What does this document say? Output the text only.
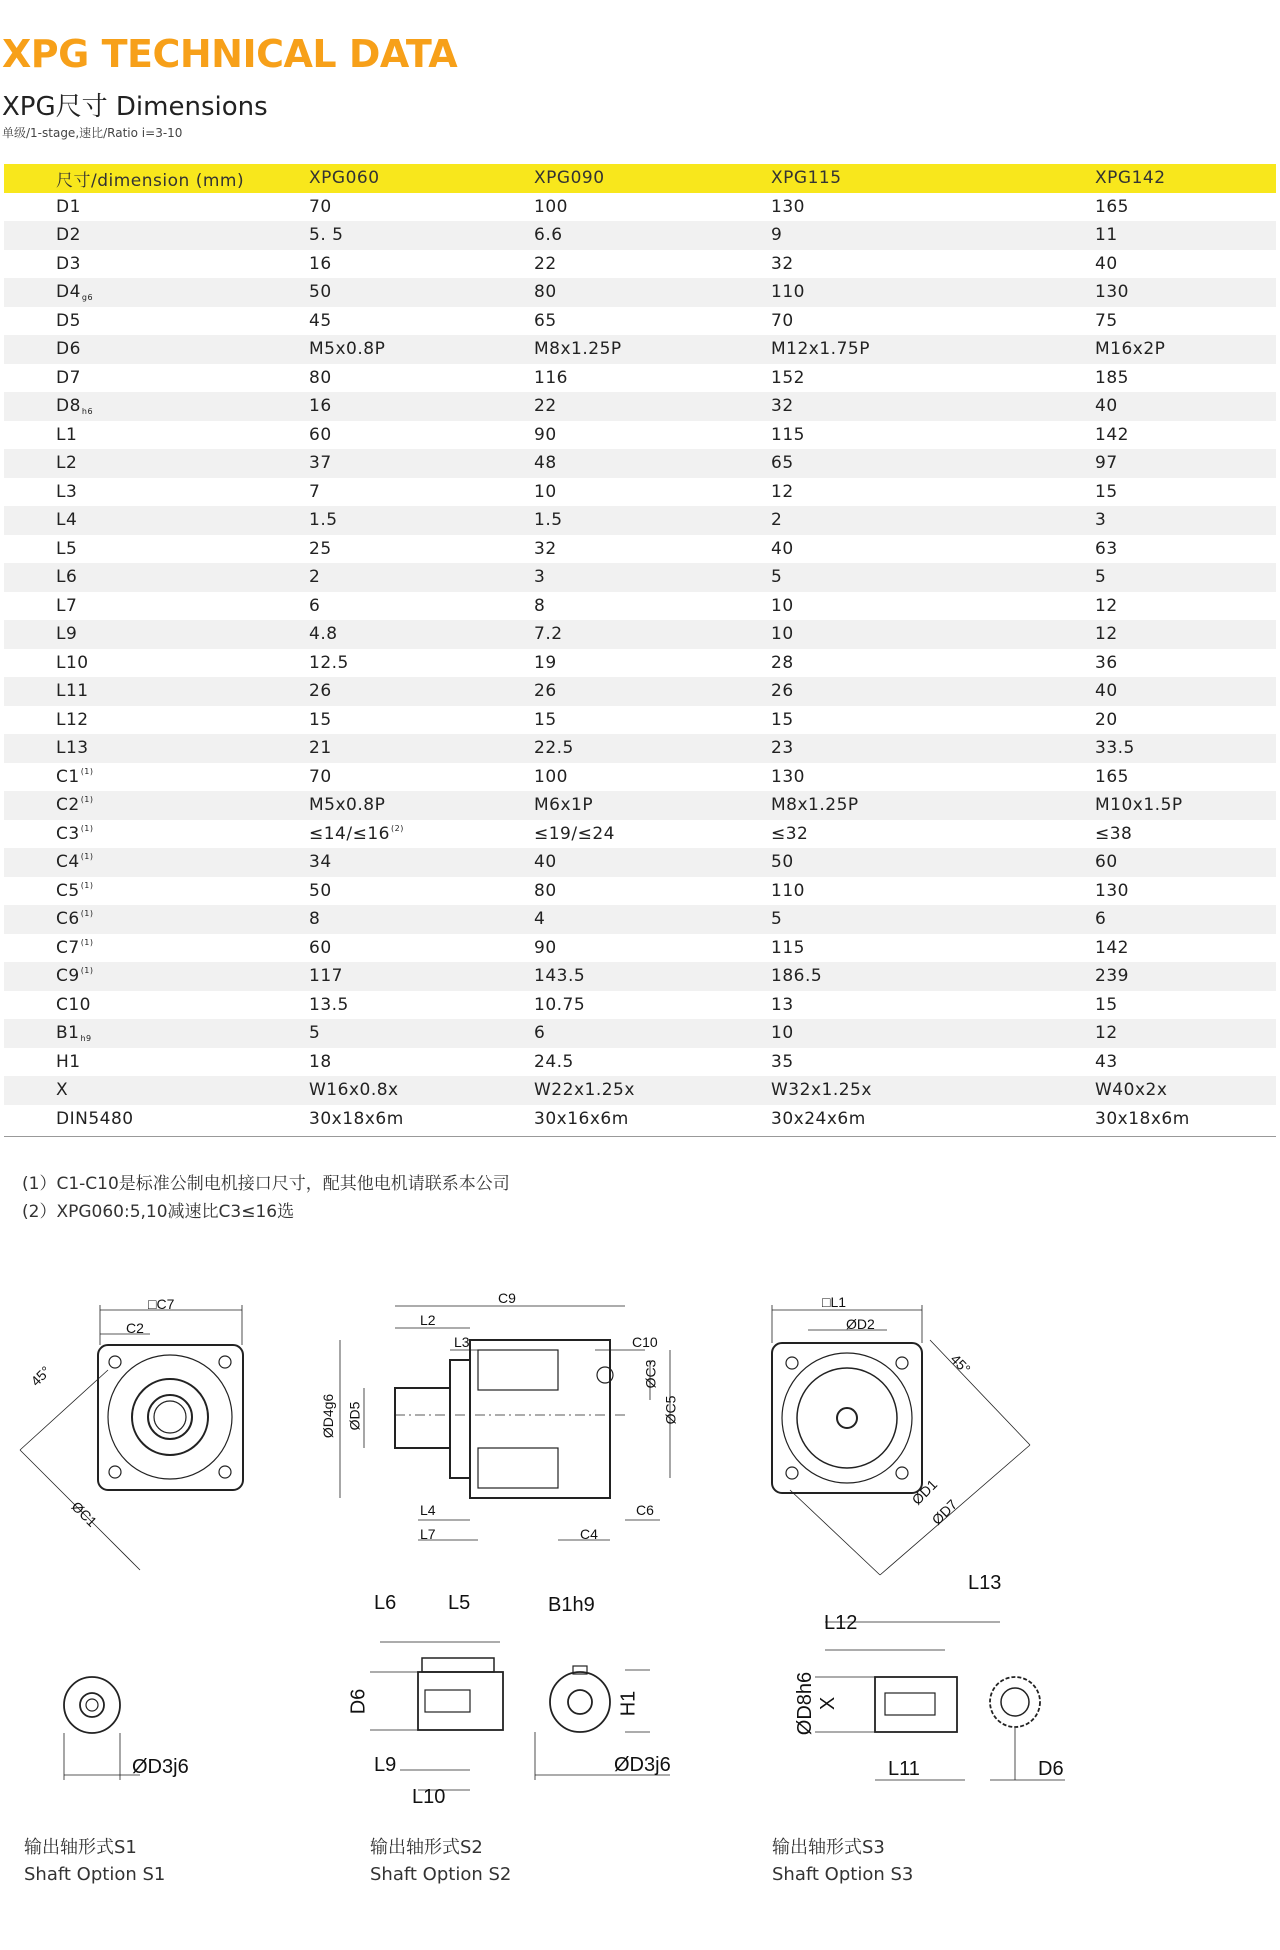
XPG TECHNICAL DATA
XPG尺寸 Dimensions
单级/1-stage,速比/Ratio i=3-10
尺寸/dimension (mm)	XPG060	XPG090	XPG115	XPG142
D1	70	100	130	165
D2	5. 5	6.6	9	11
D3	16	22	32	40
$D4_{g6}$	50	80	110	130
D5	45	65	70	75
D6	M5x0.8P	M8x1.25P	M12x1.75P	M16x2P
D7	80	116	152	185
$D8_{h6}$	16	22	32	40
L1	60	90	115	142
L2	37	48	65	97
L3	7	10	12	15
L4	1.5	1.5	2	3
L5	25	32	40	63
L6	2	3	5	5
L7	6	8	10	12
L9	4.8	7.2	10	12
L10	12.5	19	28	36
L11	26	26	26	40
L12	15	15	15	20
L13	21	22.5	23	33.5
C1$^{(1)}$	70	100	130	165
C2$^{(1)}$	M5x0.8P	M6x1P	M8x1.25P	M10x1.5P
$C3^{(1)}$	$\le 14/\le 16^{(2)}$	≤19/≤24	≤32	≤38
C4$^{(1)}$	34	40	50	60
C5$^{(1)}$	50	80	110	130
C6$^{(1)}$	8	4	5	6
C7$^{(1)}$	60	90	115	142
C9$^{(1)}$	117	143.5	186.5	239
C10	13.5	10.75	13	15
$B1_{h9}$	5	6	10	12
H1	18	24.5	35	43
X	W16x0.8x	W22x1.25x	W32x1.25x	W40x2x
DIN5480	30x18x6m	30x16x6m	30x24x6m	30x18x6m
(1）C1-C10是标准公制电机接口尺寸，配其他电机请联系本公司
(2）XPG060:5,10减速比C3≤16选
□C7
C2
45°
ØC1
C9
L2
L3	C10
ØC3
ØC5
ØD4g6 ØD5
L4
L7	C4
C6
□L1
ØD2
45°
ØD1
ØD7
ØD3j6
L6	L5
D6
L9
L10
B1h9
H1
ØD3j6
L13
L12
ØD8h6 X
L11	D6
输出轴形式S1
Shaft Option S1
输出轴形式S2
Shaft Option S2
输出轴形式S3
Shaft Option S3
